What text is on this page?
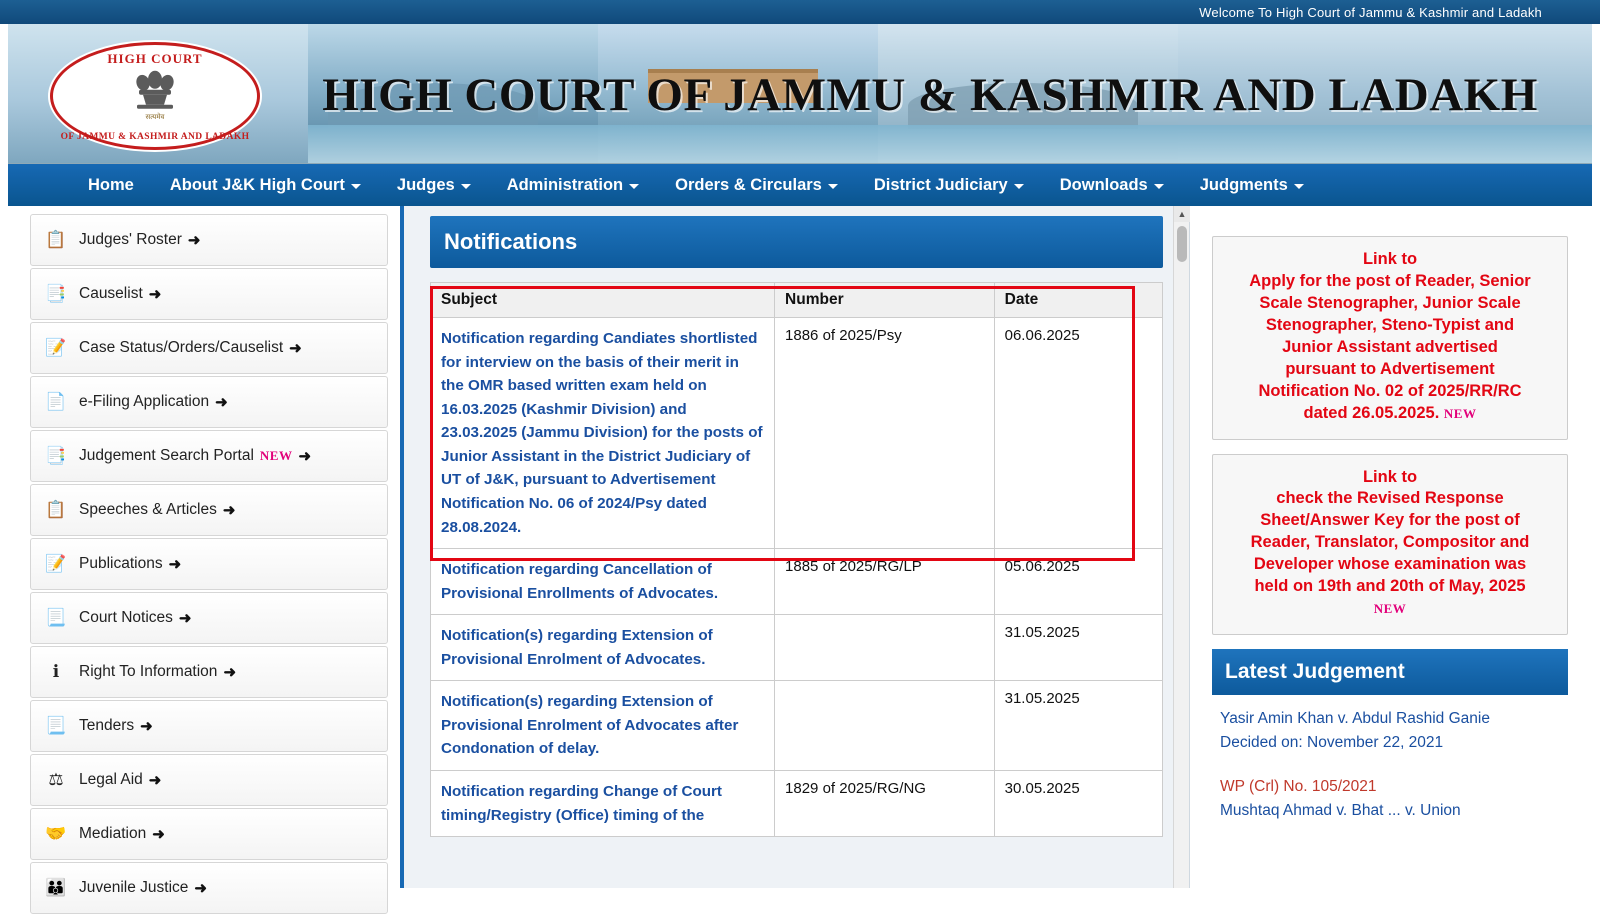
Welcome To High Court of Jammu & Kashmir and Ladakh
HIGH COURT
सत्यमेव
OF JAMMU & KASHMIR AND LADAKH
HIGH COURT OF JAMMU & KASHMIR AND LADAKH
Home About J&K High Court	Judges	Administration	Orders & Circulars	District Judiciary	Downloads	Judgments
📋 Judges' Roster ➜
📑 Causelist ➜
📝 Case Status/Orders/Causelist ➜
📄 e-Filing Application ➜
📑 Judgement Search Portal NEW ➜
📋 Speeches & Articles ➜
📝 Publications ➜
📃 Court Notices ➜
ℹ	Right To Information ➜
📃 Tenders ➜
⚖ Legal Aid ➜
🤝 Mediation ➜
👪 Juvenile Justice ➜
Notifications
Subject	Number	Date
Notification regarding Candiates shortlisted for interview on the basis of their merit in the OMR based written exam held on 16.03.2025 (Kashmir Division) and 23.03.2025 (Jammu Division) for the posts of Junior Assistant in the District Judiciary of UT of J&K, pursuant to Advertisement Notification No. 06 of 2024/Psy dated 28.08.2024.	1886 of 2025/Psy	06.06.2025
Notification regarding Cancellation of Provisional Enrollments of Advocates.	1885 of 2025/RG/LP	05.06.2025
Notification(s) regarding Extension of Provisional Enrolment of Advocates.		31.05.2025
Notification(s) regarding Extension of Provisional Enrolment of Advocates after Condonation of delay.		31.05.2025
Notification regarding Change of Court timing/Registry (Office) timing of the	1829 of 2025/RG/NG	30.05.2025
▲
Link to
Apply for the post of Reader, Senior
Scale Stenographer, Junior Scale
Stenographer, Steno-Typist and
Junior Assistant advertised
pursuant to Advertisement
Notification No. 02 of 2025/RR/RC
dated 26.05.2025. NEW
Link to
check the Revised Response
Sheet/Answer Key for the post of
Reader, Translator, Compositor and
Developer whose examination was
held on 19th and 20th of May, 2025
NEW
Latest Judgement
Yasir Amin Khan v. Abdul Rashid Ganie
Decided on: November 22, 2021
WP (Crl) No. 105/2021
Mushtaq Ahmad v. Bhat ... v. Union
